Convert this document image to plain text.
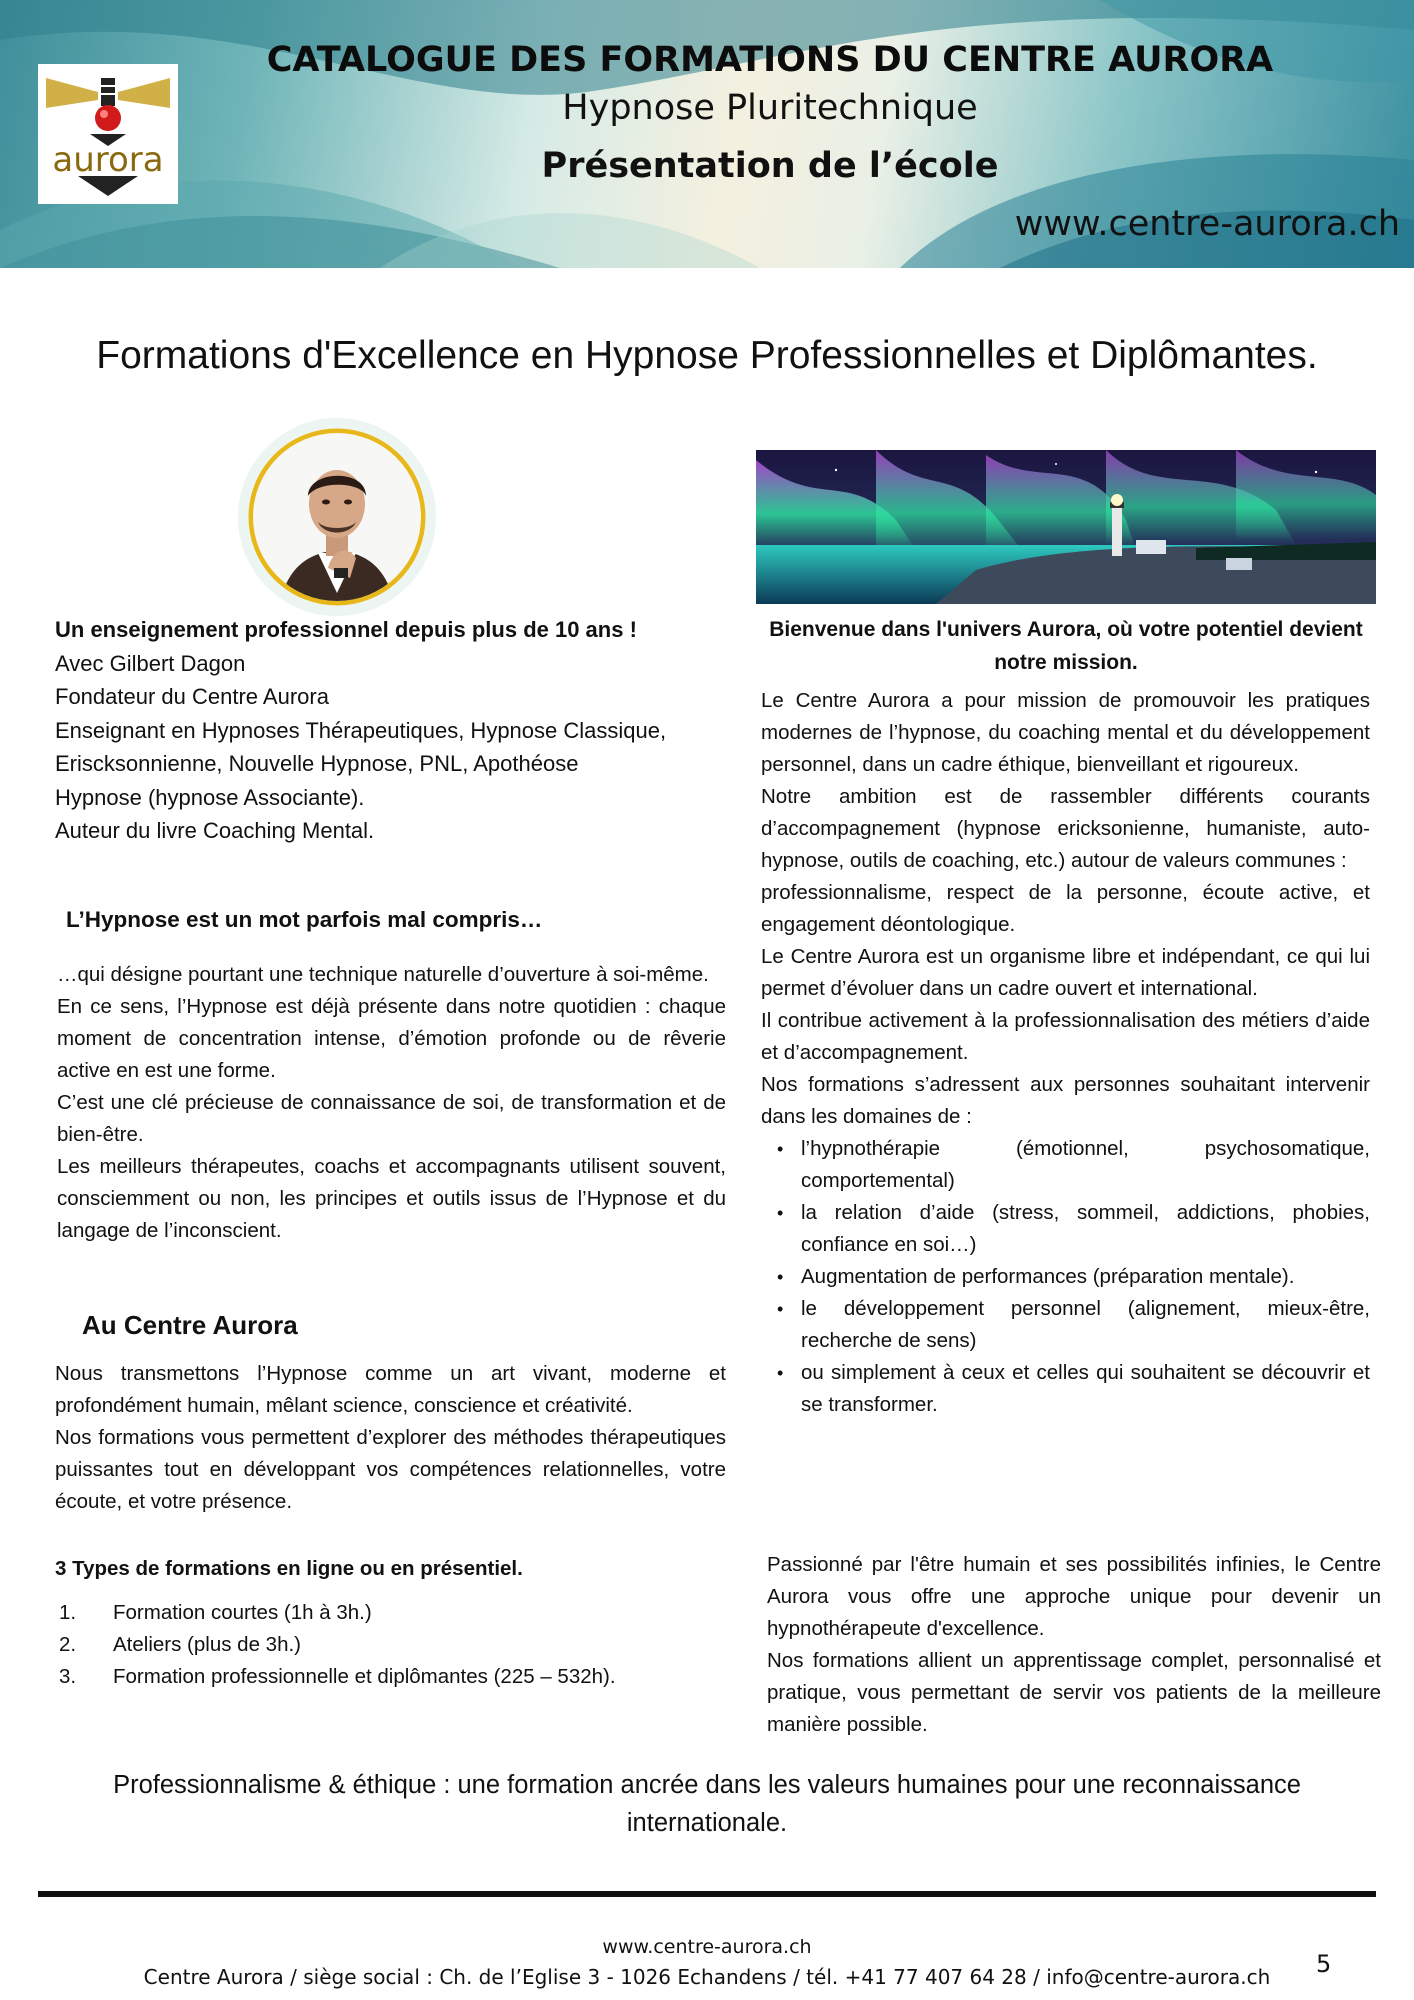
aurora
CATALOGUE DES FORMATIONS DU CENTRE AURORA
Hypnose Pluritechnique
Présentation de l’école
www.centre-aurora.ch
Formations d'Excellence en Hypnose Professionnelles et Diplômantes.

Un enseignement professionnel depuis plus de 10 ans !

Avec Gilbert Dagon

Fondateur du Centre Aurora

Enseignant en Hypnoses Thérapeutiques, Hypnose Classique, Eriscksonnienne, Nouvelle Hypnose, PNL, Apothéose Hypnose (hypnose Associante).

Auteur du livre Coaching Mental.

L’Hypnose est un mot parfois mal compris…

…qui désigne pourtant une technique naturelle d’ouverture à soi-même.

En ce sens, l’Hypnose est déjà présente dans notre quotidien : chaque moment de concentration intense, d’émotion profonde ou de rêverie active en est une forme.

C’est une clé précieuse de connaissance de soi, de transformation et de bien-être.

Les meilleurs thérapeutes, coachs et accompagnants utilisent souvent, consciemment ou non, les principes et outils issus de l’Hypnose et du langage de l’inconscient.

Au Centre Aurora

Nous transmettons l’Hypnose comme un art vivant, moderne et profondément humain, mêlant science, conscience et créativité.

Nos formations vous permettent d’explorer des méthodes thérapeutiques puissantes tout en développant vos compétences relationnelles, votre écoute, et votre présence.

3 Types de formations en ligne ou en présentiel.
1. Formation courtes (1h à 3h.)
2. Ateliers (plus de 3h.)
3. Formation professionnelle et diplômantes (225 – 532h).
Bienvenue dans l'univers Aurora, où votre potentiel devient notre mission.

Le Centre Aurora a pour mission de promouvoir les pratiques modernes de l’hypnose, du coaching mental et du développement personnel, dans un cadre éthique, bienveillant et rigoureux.

Notre ambition est de rassembler différents courants d’accompagnement (hypnose ericksonienne, humaniste, auto-hypnose, outils de coaching, etc.) autour de valeurs communes :

professionnalisme, respect de la personne, écoute active, et engagement déontologique.

Le Centre Aurora est un organisme libre et indépendant, ce qui lui permet d’évoluer dans un cadre ouvert et international.

Il contribue activement à la professionnalisation des métiers d’aide et d’accompagnement.

Nos formations s’adressent aux personnes souhaitant intervenir dans les domaines de :

• l’hypnothérapie (émotionnel, psychosomatique, comportemental)
• la relation d’aide (stress, sommeil, addictions, phobies, confiance en soi…)
• Augmentation de performances (préparation mentale).
• le développement personnel (alignement, mieux-être, recherche de sens)
• ou simplement à ceux et celles qui souhaitent se découvrir et se transformer.

Passionné par l'être humain et ses possibilités infinies, le Centre Aurora vous offre une approche unique pour devenir un hypnothérapeute d'excellence.

Nos formations allient un apprentissage complet, personnalisé et pratique, vous permettant de servir vos patients de la meilleure manière possible.

Professionnalisme & éthique : une formation ancrée dans les valeurs humaines pour une reconnaissance internationale.
www.centre-aurora.ch
Centre Aurora / siège social : Ch. de l’Eglise 3 - 1026 Echandens / tél. +41 77 407 64 28 / info@centre-aurora.ch	5
